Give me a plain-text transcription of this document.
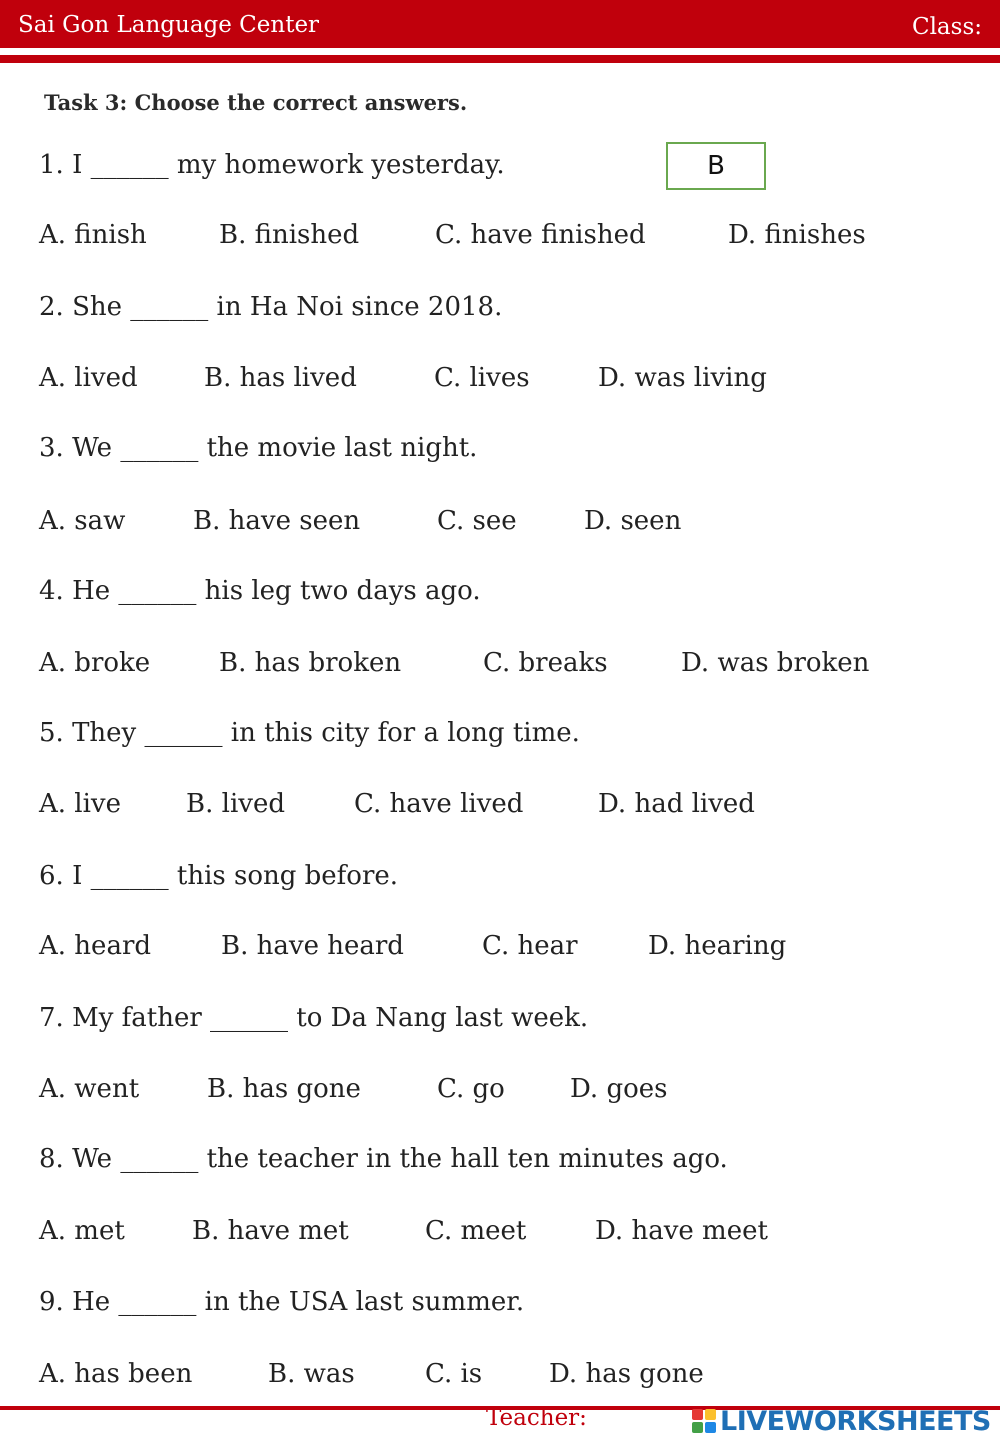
Sai Gon Language Center	Class:
Task 3: Choose the correct answers.

1. I ______ my homework yesterday.	B

A. finish	B. finished	C. have finished	D. finishes

2. She ______ in Ha Noi since 2018.

A. lived	B. has lived	C. lives	D. was living

3. We ______ the movie last night.

A. saw	B. have seen	C. see	D. seen

4. He ______ his leg two days ago.

A. broke	B. has broken	C. breaks	D. was broken

5. They ______ in this city for a long time.

A. live B. lived	C. have lived	D. had lived

6. I ______ this song before.

A. heard	B. have heard	C. hear	D. hearing

7. My father ______ to Da Nang last week.

A. went	B. has gone	C. go	D. goes

8. We ______ the teacher in the hall ten minutes ago.

A. met	B. have met	C. meet	D. have meet

9. He ______ in the USA last summer.

A. has been	B. was	C. is	D. has gone

Teacher:	LIVEWORKSHEETS
